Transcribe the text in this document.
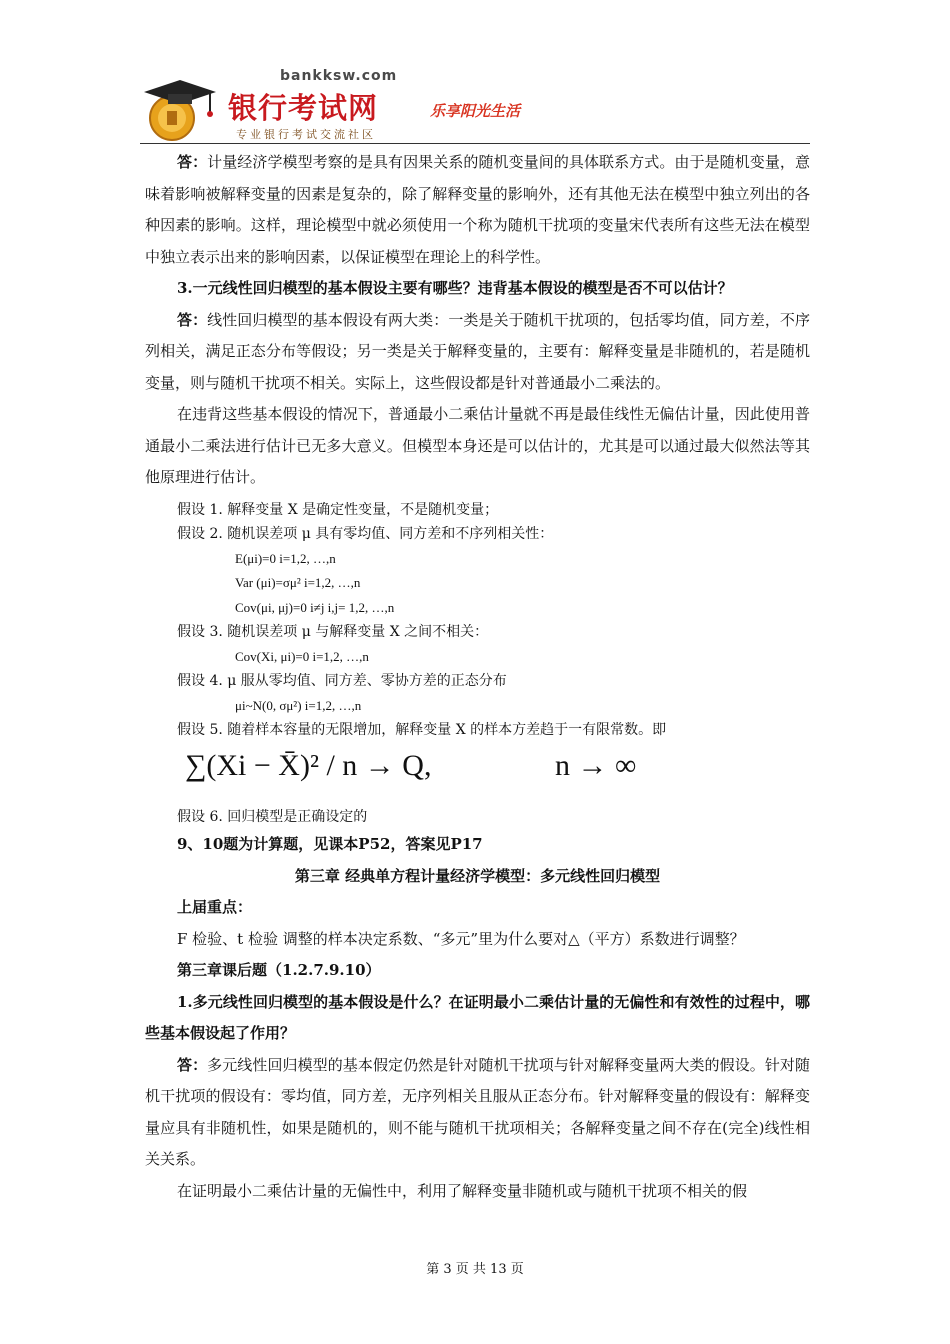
bankksw.com
银行考试网	乐享阳光生活
专业银行考试交流社区

答：计量经济学模型考察的是具有因果关系的随机变量间的具体联系方式。由于是随机变量，意味着影响被解释变量的因素是复杂的，除了解释变量的影响外，还有其他无法在模型中独立列出的各种因素的影响。这样，理论模型中就必须使用一个称为随机干扰项的变量宋代表所有这些无法在模型中独立表示出来的影响因素，以保证模型在理论上的科学性。

3.一元线性回归模型的基本假设主要有哪些？违背基本假设的模型是否不可以估计？

答：线性回归模型的基本假设有两大类：一类是关于随机干扰项的，包括零均值，同方差，不序列相关，满足正态分布等假设；另一类是关于解释变量的，主要有：解释变量是非随机的，若是随机变量，则与随机干扰项不相关。实际上，这些假设都是针对普通最小二乘法的。

在违背这些基本假设的情况下，普通最小二乘估计量就不再是最佳线性无偏估计量，因此使用普通最小二乘法进行估计已无多大意义。但模型本身还是可以估计的，尤其是可以通过最大似然法等其他原理进行估计。

假设 1. 解释变量 X 是确定性变量，不是随机变量；

假设 2. 随机误差项 μ 具有零均值、同方差和不序列相关性：

E(μi)=0 i=1,2, …,n

Var (μi)=σμ² i=1,2, …,n

Cov(μi, μj)=0 i≠j i,j= 1,2, …,n

假设 3. 随机误差项 μ 与解释变量 X 之间不相关：

Cov(Xi, μi)=0 i=1,2, …,n

假设 4. μ 服从零均值、同方差、零协方差的正态分布

μi~N(0, σμ²) i=1,2, …,n

假设 5. 随着样本容量的无限增加，解释变量 X 的样本方差趋于一有限常数。即

∑(Xi − X̄)² / n → Q,	n → ∞

假设 6. 回归模型是正确设定的

9、10题为计算题，见课本P52，答案见P17

第三章 经典单方程计量经济学模型：多元线性回归模型

上届重点：

F 检验、t 检验 调整的样本决定系数、“多元”里为什么要对△（平方）系数进行调整？

第三章课后题（1.2.7.9.10）

1.多元线性回归模型的基本假设是什么？在证明最小二乘估计量的无偏性和有效性的过程中，哪些基本假设起了作用？

答：多元线性回归模型的基本假定仍然是针对随机干扰项与针对解释变量两大类的假设。针对随机干扰项的假设有：零均值，同方差，无序列相关且服从正态分布。针对解释变量的假设有：解释变量应具有非随机性，如果是随机的，则不能与随机干扰项相关；各解释变量之间不存在(完全)线性相关关系。

在证明最小二乘估计量的无偏性中，利用了解释变量非随机或与随机干扰项不相关的假

第 3 页 共 13 页
